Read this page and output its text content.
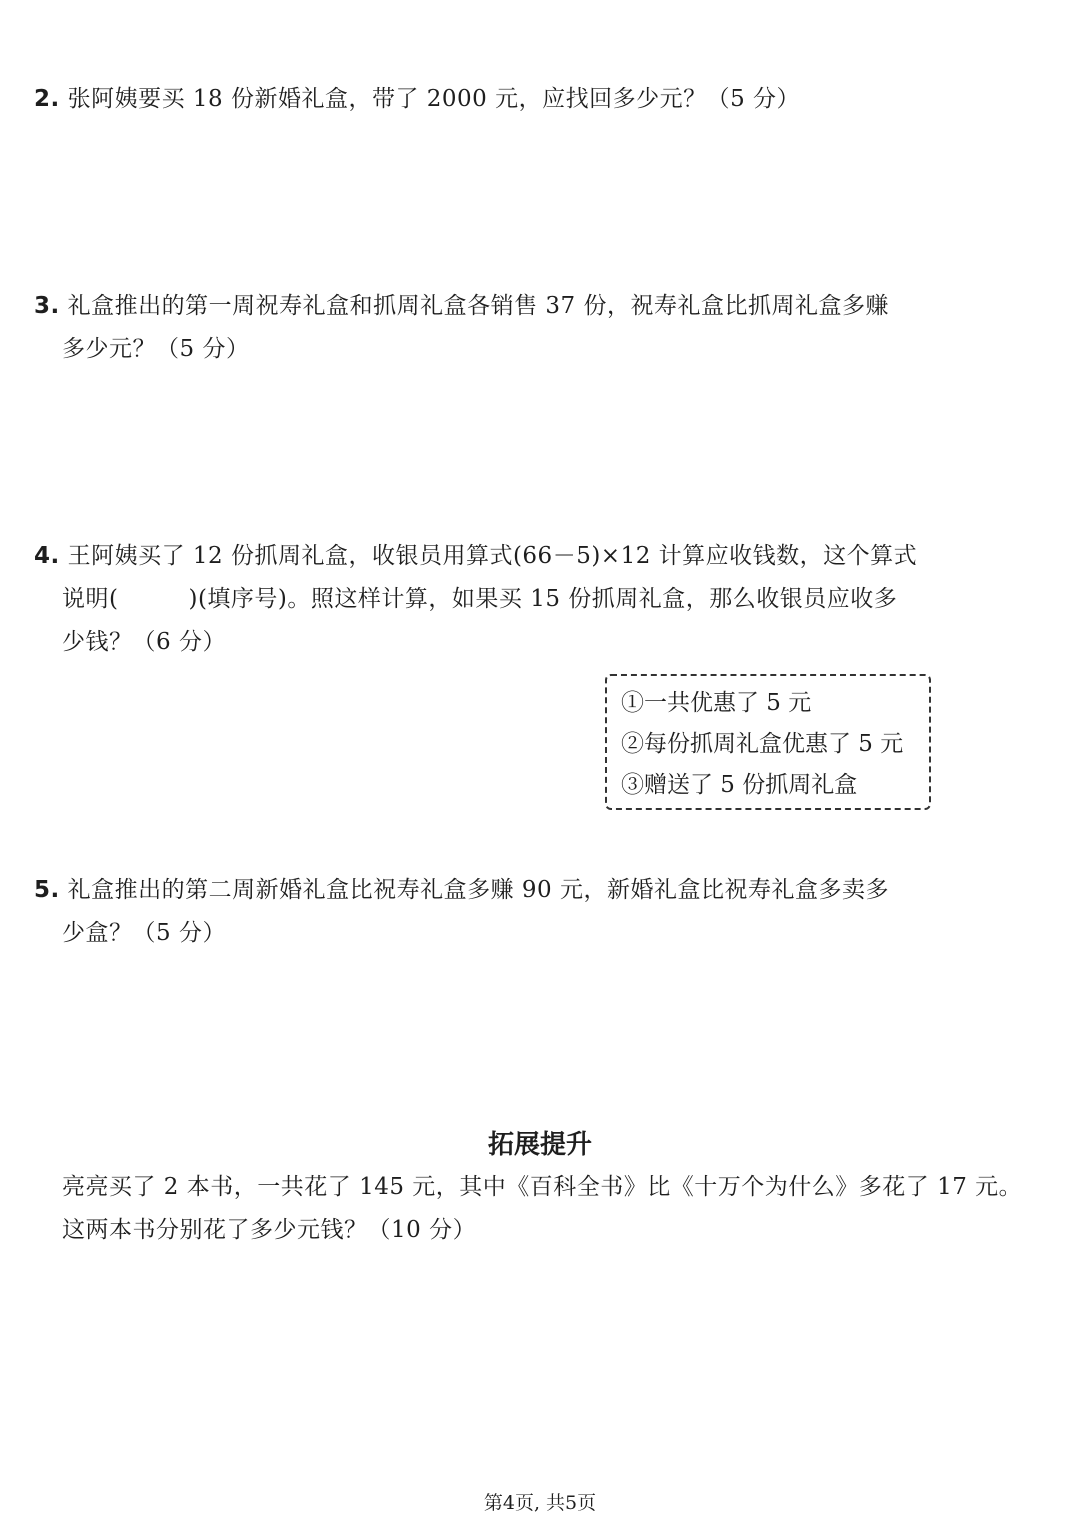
2. 张阿姨要买 18 份新婚礼盒，带了 2000 元，应找回多少元？（5 分）
3. 礼盒推出的第一周祝寿礼盒和抓周礼盒各销售 37 份，祝寿礼盒比抓周礼盒多赚
多少元？（5 分）
4. 王阿姨买了 12 份抓周礼盒，收银员用算式(66－5)×12 计算应收钱数，这个算式
说明(	)(填序号)。照这样计算，如果买 15 份抓周礼盒，那么收银员应收多
少钱？（6 分）
①一共优惠了 5 元
②每份抓周礼盒优惠了 5 元
③赠送了 5 份抓周礼盒
5. 礼盒推出的第二周新婚礼盒比祝寿礼盒多赚 90 元，新婚礼盒比祝寿礼盒多卖多
少盒？（5 分）
拓展提升
亮亮买了 2 本书，一共花了 145 元，其中《百科全书》比《十万个为什么》多花了 17 元。
这两本书分别花了多少元钱？（10 分）
第4页, 共5页
